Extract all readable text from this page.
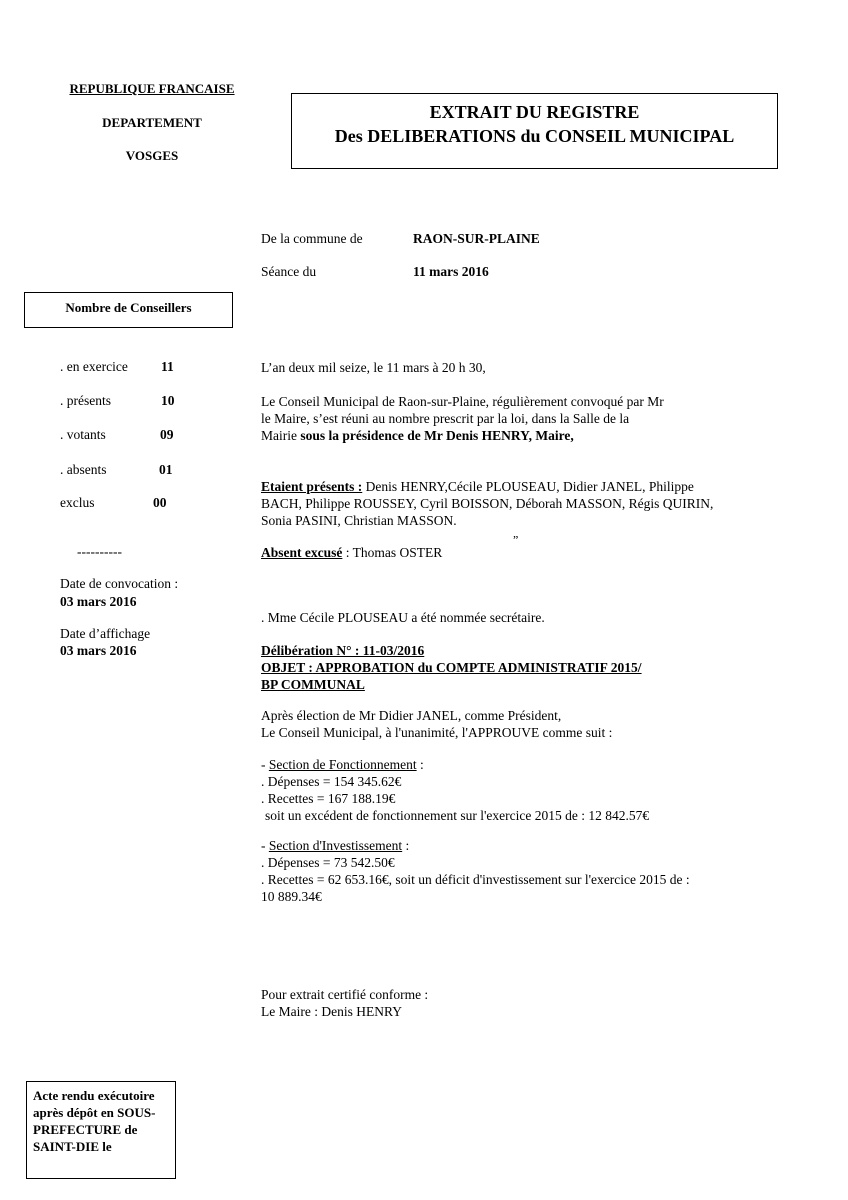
REPUBLIQUE FRANCAISE
DEPARTEMENT
VOSGES
EXTRAIT DU REGISTRE
Des DELIBERATIONS du CONSEIL MUNICIPAL
De la commune de	RAON-SUR-PLAINE
Séance du	11 mars 2016
Nombre de Conseillers
. en exercice 11
. présents	10
. votants	09
. absents	01
exclus	00
----------
Date de convocation :
03 mars 2016
Date d’affichage
03 mars 2016
L’an deux mil seize, le 11 mars à 20 h 30,
Le Conseil Municipal de Raon-sur-Plaine, régulièrement convoqué par Mr
le Maire, s’est réuni au nombre prescrit par la loi, dans la Salle de la
Mairie sous la présidence de Mr Denis HENRY, Maire,
Etaient présents : Denis HENRY,Cécile PLOUSEAU, Didier JANEL, Philippe
BACH, Philippe ROUSSEY, Cyril BOISSON, Déborah MASSON, Régis QUIRIN,
Sonia PASINI, Christian MASSON.
„
Absent excusé : Thomas OSTER
. Mme Cécile PLOUSEAU a été nommée secrétaire.
Délibération N° : 11-03/2016
OBJET : APPROBATION du COMPTE ADMINISTRATIF 2015/
BP COMMUNAL
Après élection de Mr Didier JANEL, comme Président,
Le Conseil Municipal, à l'unanimité, l'APPROUVE comme suit :
- Section de Fonctionnement :
. Dépenses = 154 345.62€
. Recettes = 167 188.19€
soit un excédent de fonctionnement sur l'exercice 2015 de : 12 842.57€
- Section d'Investissement :
. Dépenses = 73 542.50€
. Recettes = 62 653.16€, soit un déficit d'investissement sur l'exercice 2015 de :
10 889.34€
Pour extrait certifié conforme :
Le Maire : Denis HENRY
Acte rendu exécutoire
après dépôt en SOUS-
PREFECTURE de
SAINT-DIE le
